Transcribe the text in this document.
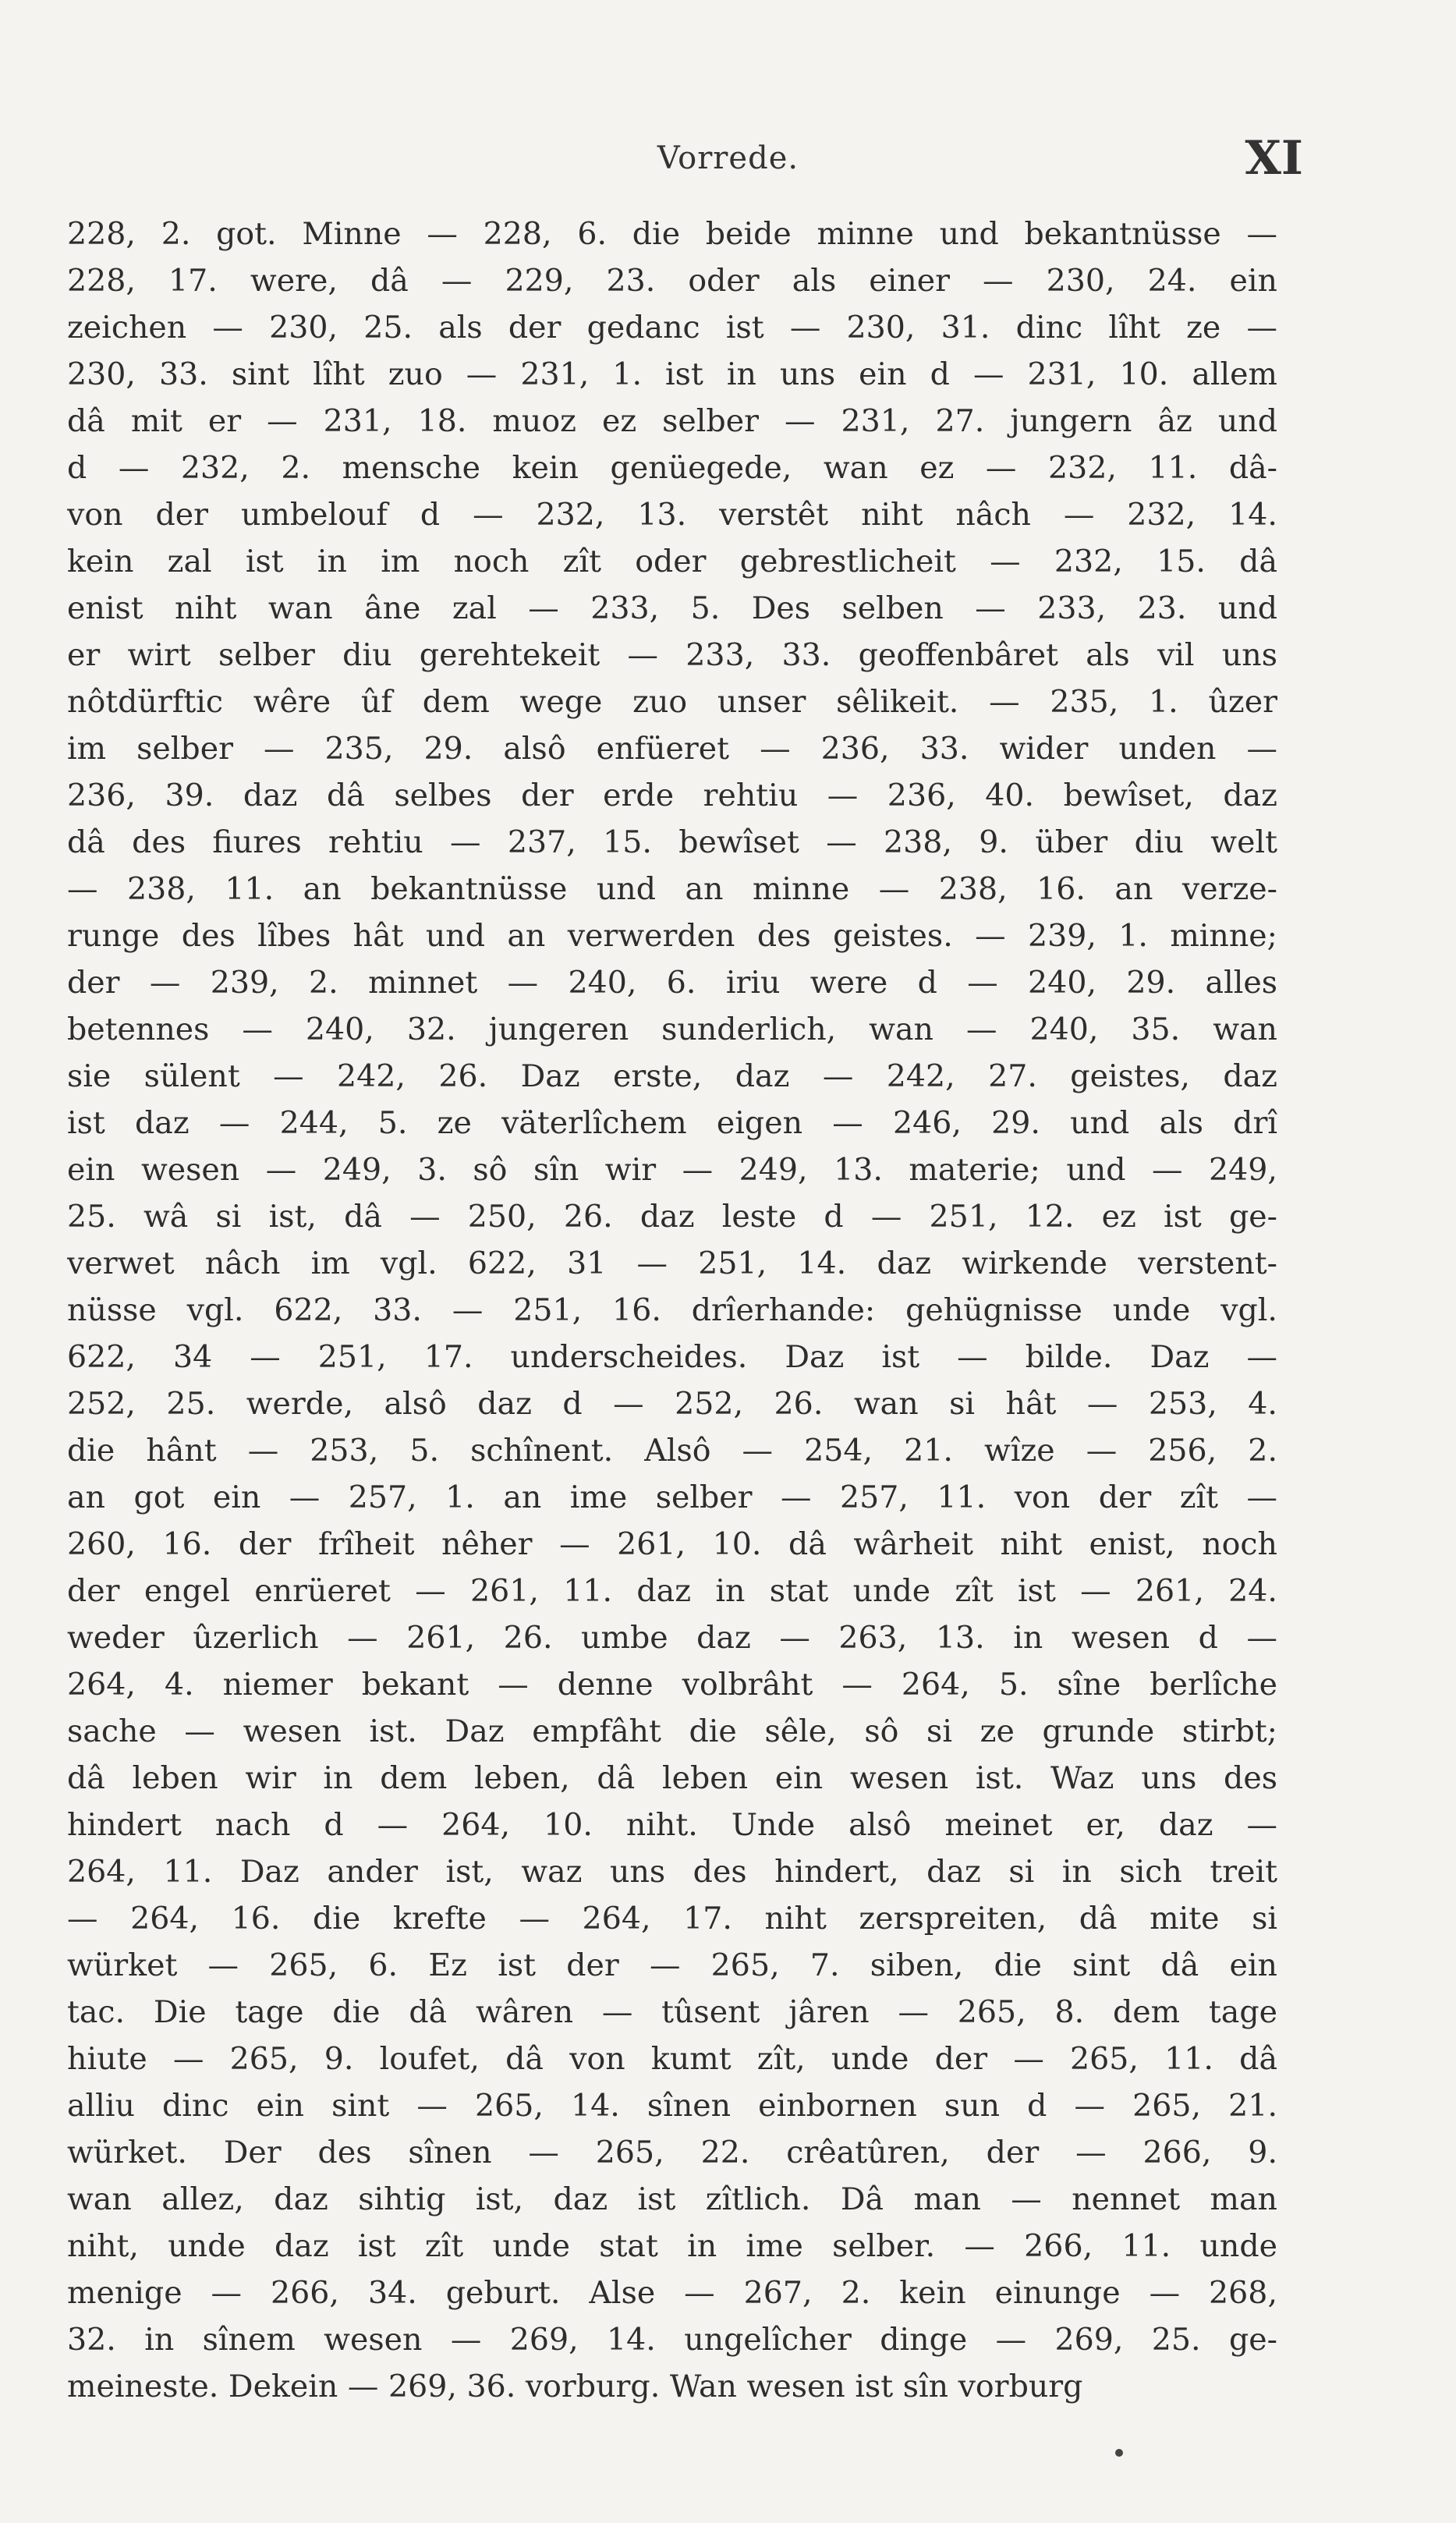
Vorrede.	XI
228, 2. got. Minne — 228, 6. die beide minne und bekantnüsse —
228, 17. were, dâ — 229, 23. oder als einer — 230, 24. ein
zeichen — 230, 25. als der gedanc ist — 230, 31. dinc lîht ze —
230, 33. sint lîht zuo — 231, 1. ist in uns ein d — 231, 10. allem
dâ mit er — 231, 18. muoz ez selber — 231, 27. jungern âz und
d — 232, 2. mensche kein genüegede, wan ez — 232, 11. dâ-
von der umbelouf d — 232, 13. verstêt niht nâch — 232, 14.
kein zal ist in im noch zît oder gebrestlicheit — 232, 15. dâ
enist niht wan âne zal — 233, 5. Des selben — 233, 23. und
er wirt selber diu gerehtekeit — 233, 33. geoffenbâret als vil uns
nôtdürftic wêre ûf dem wege zuo unser sêlikeit. — 235, 1. ûzer
im selber — 235, 29. alsô enfüeret — 236, 33. wider unden —
236, 39. daz dâ selbes der erde rehtiu — 236, 40. bewîset, daz
dâ des fiures rehtiu — 237, 15. bewîset — 238, 9. über diu welt
— 238, 11. an bekantnüsse und an minne — 238, 16. an verze-
runge des lîbes hât und an verwerden des geistes. — 239, 1. minne;
der — 239, 2. minnet — 240, 6. iriu were d — 240, 29. alles
betennes — 240, 32. jungeren sunderlich, wan — 240, 35. wan
sie sülent — 242, 26. Daz erste, daz — 242, 27. geistes, daz
ist daz — 244, 5. ze väterlîchem eigen — 246, 29. und als drî
ein wesen — 249, 3. sô sîn wir — 249, 13. materie; und — 249,
25. wâ si ist, dâ — 250, 26. daz leste d — 251, 12. ez ist ge-
verwet nâch im vgl. 622, 31 — 251, 14. daz wirkende verstent-
nüsse vgl. 622, 33. — 251, 16. drîerhande: gehügnisse unde vgl.
622, 34 — 251, 17. underscheides. Daz ist — bilde. Daz —
252, 25. werde, alsô daz d — 252, 26. wan si hât — 253, 4.
die hânt — 253, 5. schînent. Alsô — 254, 21. wîze — 256, 2.
an got ein — 257, 1. an ime selber — 257, 11. von der zît —
260, 16. der frîheit nêher — 261, 10. dâ wârheit niht enist, noch
der engel enrüeret — 261, 11. daz in stat unde zît ist — 261, 24.
weder ûzerlich — 261, 26. umbe daz — 263, 13. in wesen d —
264, 4. niemer bekant — denne volbrâht — 264, 5. sîne berlîche
sache — wesen ist. Daz empfâht die sêle, sô si ze grunde stirbt;
dâ leben wir in dem leben, dâ leben ein wesen ist. Waz uns des
hindert nach d — 264, 10. niht. Unde alsô meinet er, daz —
264, 11. Daz ander ist, waz uns des hindert, daz si in sich treit
— 264, 16. die krefte — 264, 17. niht zerspreiten, dâ mite si
würket — 265, 6. Ez ist der — 265, 7. siben, die sint dâ ein
tac. Die tage die dâ wâren — tûsent jâren — 265, 8. dem tage
hiute — 265, 9. loufet, dâ von kumt zît, unde der — 265, 11. dâ
alliu dinc ein sint — 265, 14. sînen einbornen sun d — 265, 21.
würket. Der des sînen — 265, 22. crêatûren, der — 266, 9.
wan allez, daz sihtig ist, daz ist zîtlich. Dâ man — nennet man
niht, unde daz ist zît unde stat in ime selber. — 266, 11. unde
menige — 266, 34. geburt. Alse — 267, 2. kein einunge — 268,
32. in sînem wesen — 269, 14. ungelîcher dinge — 269, 25. ge-
meineste. Dekein — 269, 36. vorburg. Wan wesen ist sîn vorburg
